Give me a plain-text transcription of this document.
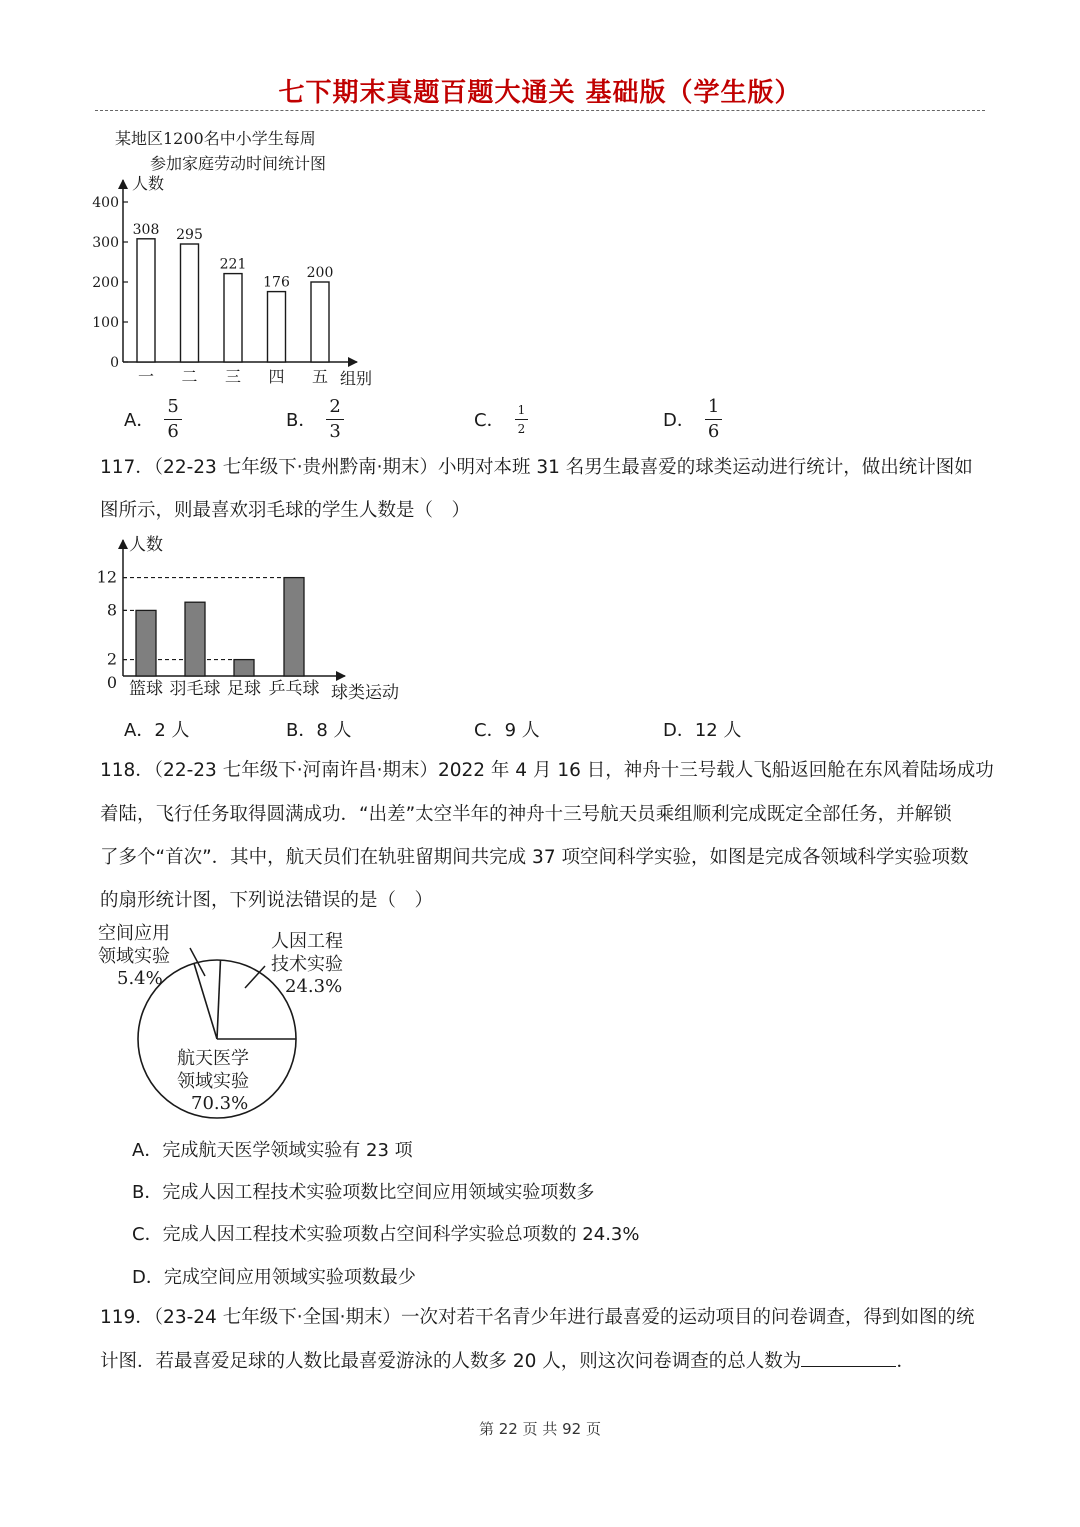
七下期末真题百题大通关 基础版（学生版）
某地区1200名中小学生每周
参加家庭劳动时间统计图
人数
400
300
200
100
0
308
一
295
二
221
三
176
四
200
五 组别
A． $\frac{5}{6}$	B． $\frac{2}{3}$	C． $\frac{1}{2}$	D． $\frac{1}{6}$
117．（22-23 七年级下·贵州黔南·期末）小明对本班 31 名男生最喜爱的球类运动进行统计，做出统计图如
图所示，则最喜欢羽毛球的学生人数是（　）
人数
12
8
2
0 篮球 羽毛球 足球 乒乓球 球类运动
A．2 人	B．8 人	C．9 人	D．12 人
118．（22-23 七年级下·河南许昌·期末）2022 年 4 月 16 日，神舟十三号载人飞船返回舱在东风着陆场成功
着陆，飞行任务取得圆满成功．“出差”太空半年的神舟十三号航天员乘组顺利完成既定全部任务，并解锁
了多个“首次”．其中，航天员们在轨驻留期间共完成 37 项空间科学实验，如图是完成各领域科学实验项数
的扇形统计图，下列说法错误的是（　）
空间应用
领域实验
5.4%
人因工程
技术实验
24.3%
航天医学
领域实验
70.3%
A．完成航天医学领域实验有 23 项
B．完成人因工程技术实验项数比空间应用领域实验项数多
C．完成人因工程技术实验项数占空间科学实验总项数的 24.3%
D．完成空间应用领域实验项数最少
119．（23-24 七年级下·全国·期末）一次对若干名青少年进行最喜爱的运动项目的问卷调查，得到如图的统
计图．若最喜爱足球的人数比最喜爱游泳的人数多 20 人，则这次问卷调查的总人数为	．
第 22 页 共 92 页
